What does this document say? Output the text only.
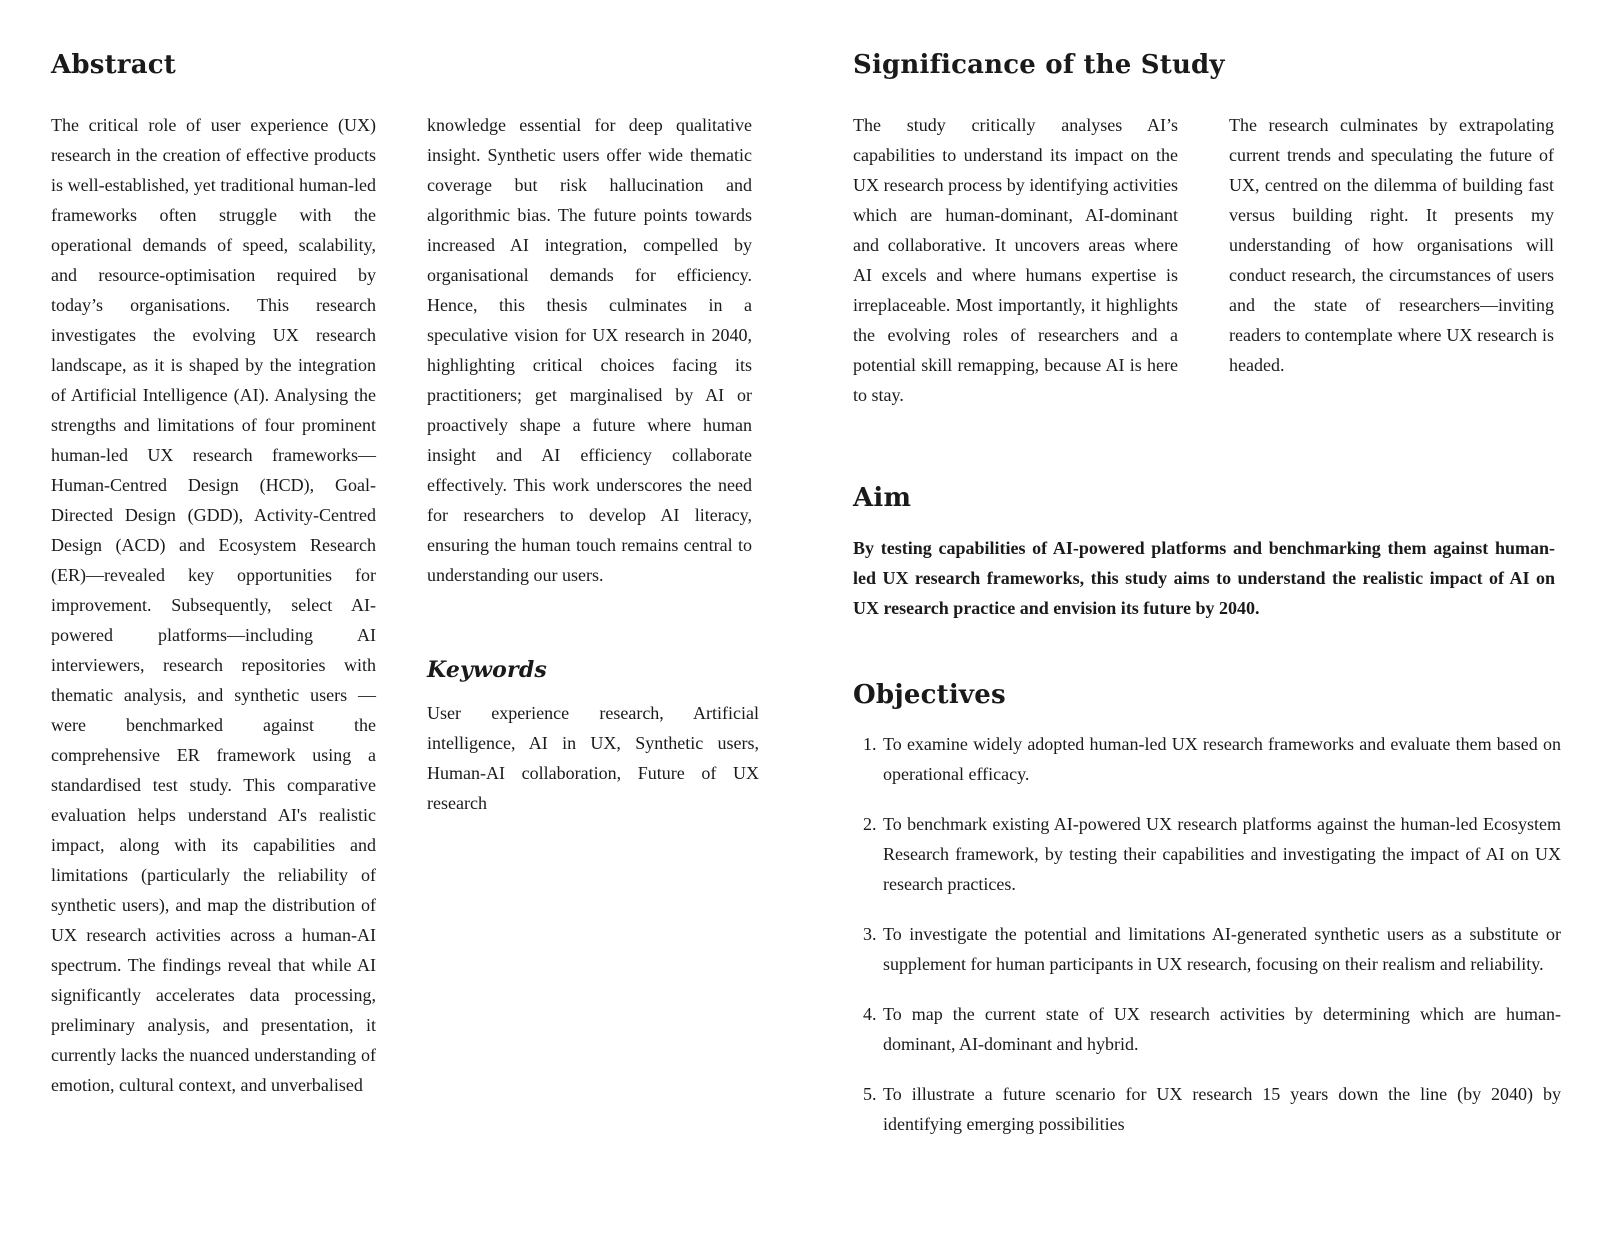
Abstract

The critical role of user experience (UX) research in the creation of effective products is well-established, yet traditional human-led frameworks often struggle with the operational demands of speed, scalability, and resource-optimisation required by today’s organisations. This research investigates the evolving UX research landscape, as it is shaped by the integration of Artificial Intelligence (AI). Analysing the strengths and limitations of four prominent human-led UX research frameworks—Human-Centred Design (HCD), Goal-Directed Design (GDD), Activity-Centred Design (ACD) and Ecosystem Research (ER)—revealed key opportunities for improvement. Subsequently, select AI-powered platforms—including AI interviewers, research repositories with thematic analysis, and synthetic users —were benchmarked against the comprehensive ER framework using a standardised test study. This comparative evaluation helps understand AI's realistic impact, along with its capabilities and limitations (particularly the reliability of synthetic users), and map the distribution of UX research activities across a human-AI spectrum. The findings reveal that while AI significantly accelerates data processing, preliminary analysis, and presentation, it currently lacks the nuanced understanding of emotion, cultural context, and unverbalised

knowledge essential for deep qualitative insight. Synthetic users offer wide thematic coverage but risk hallucination and algorithmic bias. The future points towards increased AI integration, compelled by organisational demands for efficiency. Hence, this thesis culminates in a speculative vision for UX research in 2040, highlighting critical choices facing its practitioners; get marginalised by AI or proactively shape a future where human insight and AI efficiency collaborate effectively. This work underscores the need for researchers to develop AI literacy, ensuring the human touch remains central to understanding our users.

Keywords

User experience research, Artificial intelligence, AI in UX, Synthetic users, Human-AI collaboration, Future of UX research

Significance of the Study

The study critically analyses AI’s capabilities to understand its impact on the UX research process by identifying activities which are human-dominant, AI-dominant and collaborative. It uncovers areas where AI excels and where humans expertise is irreplaceable. Most importantly, it highlights the evolving roles of researchers and a potential skill remapping, because AI is here to stay.

The research culminates by extrapolating current trends and speculating the future of UX, centred on the dilemma of building fast versus building right. It presents my understanding of how organisations will conduct research, the circumstances of users and the state of researchers—inviting readers to contemplate where UX research is headed.

Aim

By testing capabilities of AI-powered platforms and benchmarking them against human-led UX research frameworks, this study aims to understand the realistic impact of AI on UX research practice and envision its future by 2040.

Objectives
1. To examine widely adopted human-led UX research frameworks and evaluate them based on operational efficacy.
2. To benchmark existing AI-powered UX research platforms against the human-led Ecosystem Research framework, by testing their capabilities and investigating the impact of AI on UX research practices.
3. To investigate the potential and limitations AI-generated synthetic users as a substitute or supplement for human participants in UX research, focusing on their realism and reliability.
4. To map the current state of UX research activities by determining which are human-dominant, AI-dominant and hybrid.
5. To illustrate a future scenario for UX research 15 years down the line (by 2040) by identifying emerging possibilities
